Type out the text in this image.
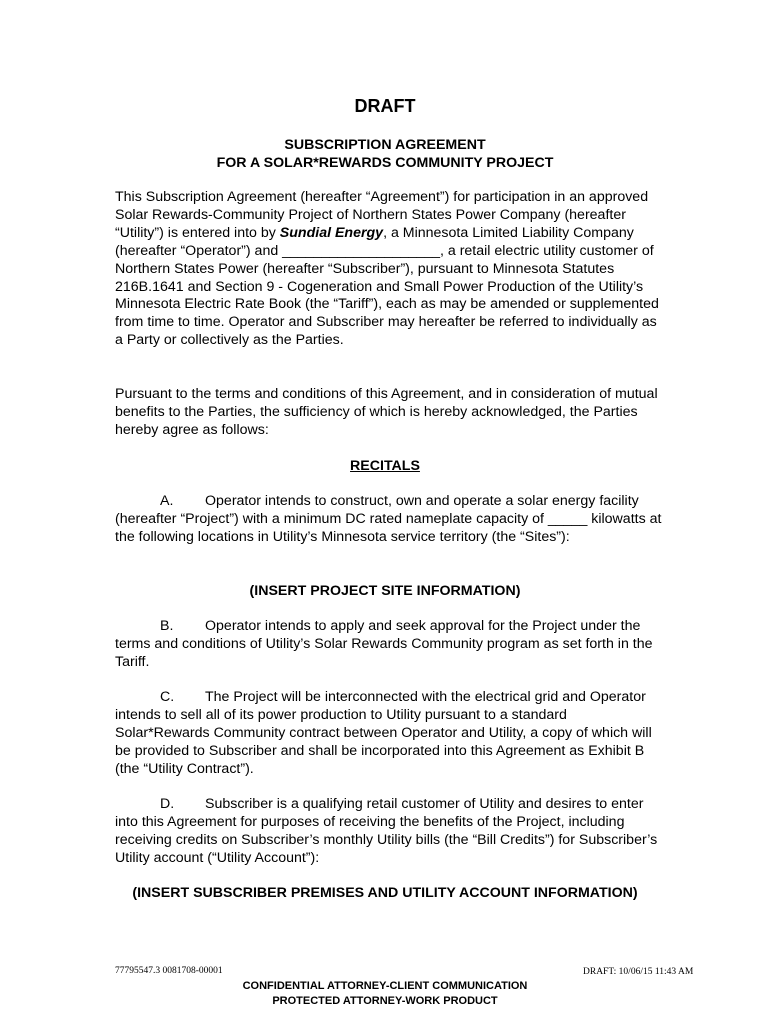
DRAFT
SUBSCRIPTION AGREEMENT
FOR A SOLAR*REWARDS COMMUNITY PROJECT

This Subscription Agreement (hereafter “Agreement”) for participation in an approved Solar Rewards-Community Project of Northern States Power Company (hereafter “Utility”) is entered into by Sundial Energy, a Minnesota Limited Liability Company (hereafter “Operator”) and ____________________, a retail electric utility customer of Northern States Power (hereafter “Subscriber”), pursuant to Minnesota Statutes 216B.1641 and Section 9 - Cogeneration and Small Power Production of the Utility’s Minnesota Electric Rate Book (the “Tariff”), each as may be amended or supplemented from time to time. Operator and Subscriber may hereafter be referred to individually as a Party or collectively as the Parties.

Pursuant to the terms and conditions of this Agreement, and in consideration of mutual benefits to the Parties, the sufficiency of which is hereby acknowledged, the Parties hereby agree as follows:

RECITALS

A. Operator intends to construct, own and operate a solar energy facility (hereafter “Project”) with a minimum DC rated nameplate capacity of _____ kilowatts at the following locations in Utility’s Minnesota service territory (the “Sites”):

(INSERT PROJECT SITE INFORMATION)

B. Operator intends to apply and seek approval for the Project under the terms and conditions of Utility’s Solar Rewards Community program as set forth in the Tariff.

C. The Project will be interconnected with the electrical grid and Operator intends to sell all of its power production to Utility pursuant to a standard Solar*Rewards Community contract between Operator and Utility, a copy of which will be provided to Subscriber and shall be incorporated into this Agreement as Exhibit B (the “Utility Contract”).

D. Subscriber is a qualifying retail customer of Utility and desires to enter into this Agreement for purposes of receiving the benefits of the Project, including receiving credits on Subscriber’s monthly Utility bills (the “Bill Credits”) for Subscriber’s Utility account (“Utility Account”):

(INSERT SUBSCRIBER PREMISES AND UTILITY ACCOUNT INFORMATION)
77795547.3 0081708-00001	DRAFT: 10/06/15 11:43 AM
CONFIDENTIAL ATTORNEY-CLIENT COMMUNICATION
PROTECTED ATTORNEY-WORK PRODUCT
